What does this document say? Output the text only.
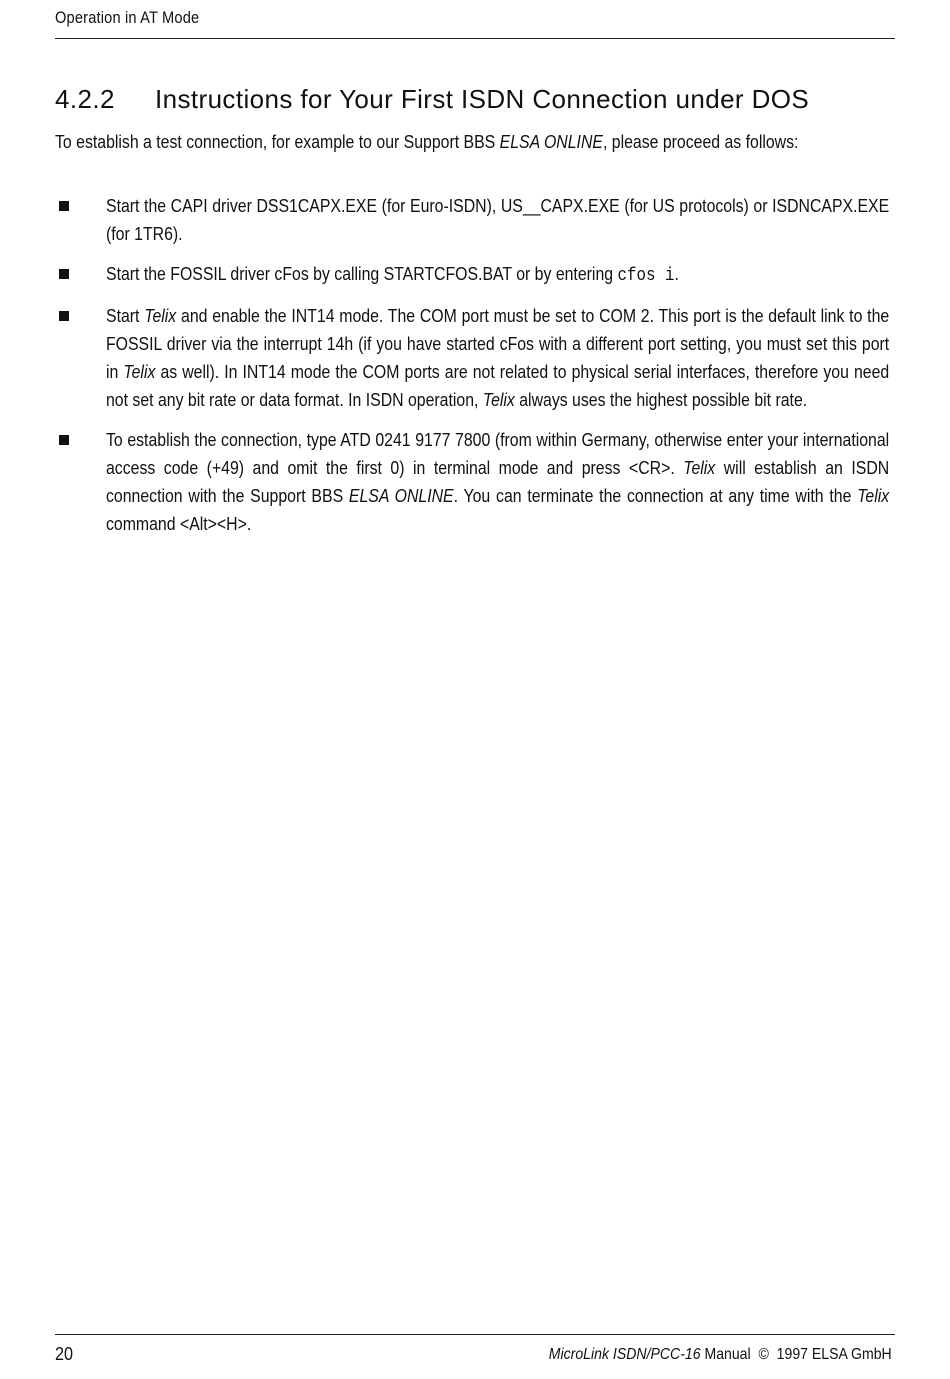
Operation in AT Mode
4.2.2 Instructions for Your First ISDN Connection under DOS
To establish a test connection, for example to our Support BBS ELSA ONLINE, please proceed as follows:
Start the CAPI driver DSS1CAPX.EXE (for Euro-ISDN), US__CAPX.EXE (for US protocols) or ISDNCAPX.EXE (for 1TR6).
Start the FOSSIL driver cFos by calling STARTCFOS.BAT or by entering cfos i.
Start Telix and enable the INT14 mode. The COM port must be set to COM 2. This port is the default link to the FOSSIL driver via the interrupt 14h (if you have started cFos with a different port setting, you must set this port in Telix as well). In INT14 mode the COM ports are not related to physical serial interfaces, therefore you need not set any bit rate or data format. In ISDN operation, Telix always uses the highest possible bit rate.
To establish the connection, type ATD 0241 9177 7800 (from within Germany, otherwise enter your international access code (+49) and omit the first 0) in terminal mode and press <CR>. Telix will establish an ISDN connection with the Support BBS ELSA ONLINE. You can terminate the connection at any time with the Telix command <Alt><H>.
20	MicroLink ISDN/PCC-16 Manual  ©  1997 ELSA GmbH
